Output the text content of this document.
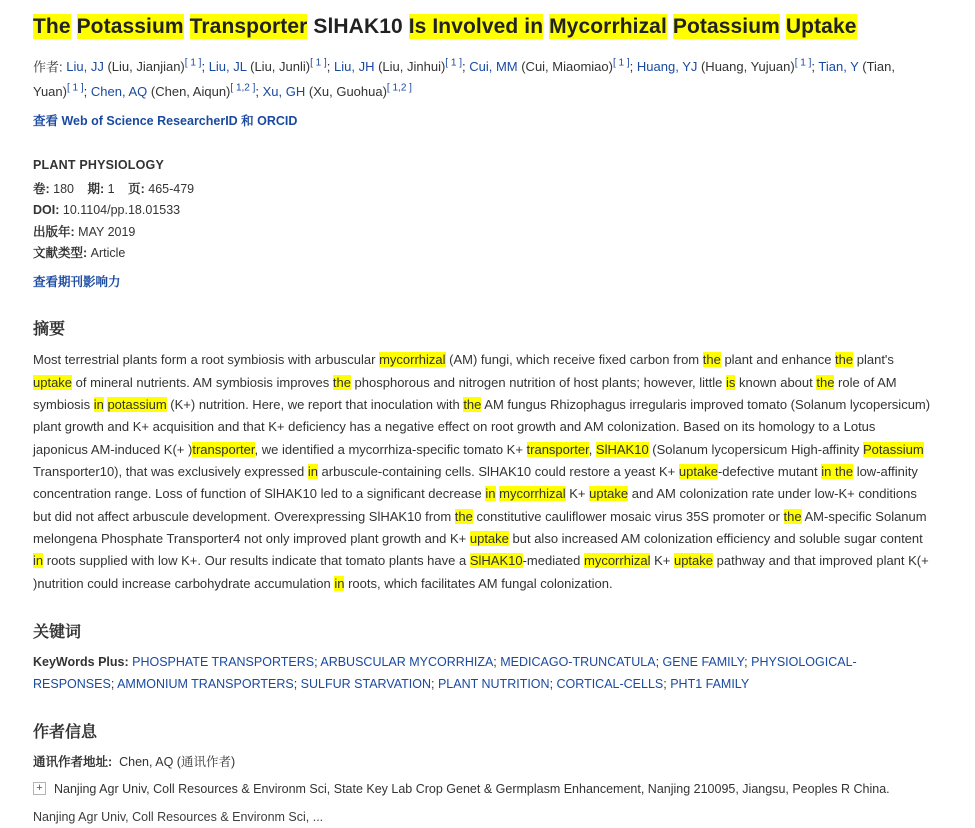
The Potassium Transporter SlHAK10 Is Involved in Mycorrhizal Potassium Uptake
作者: Liu, JJ (Liu, Jianjian)[ 1 ]; Liu, JL (Liu, Junli)[ 1 ]; Liu, JH (Liu, Jinhui)[ 1 ]; Cui, MM (Cui, Miaomiao)[ 1 ]; Huang, YJ (Huang, Yujuan)[ 1 ]; Tian, Y (Tian, Yuan)[ 1 ]; Chen, AQ (Chen, Aiqun)[ 1,2 ]; Xu, GH (Xu, Guohua)[ 1,2 ]
查看 Web of Science ResearcherID 和 ORCID
PLANT PHYSIOLOGY
卷: 180 期: 1 页: 465-479
DOI: 10.1104/pp.18.01533
出版年: MAY 2019
文献类型: Article
查看期刊影响力
摘要
Most terrestrial plants form a root symbiosis with arbuscular mycorrhizal (AM) fungi, which receive fixed carbon from the plant and enhance the plant's uptake of mineral nutrients. AM symbiosis improves the phosphorous and nitrogen nutrition of host plants; however, little is known about the role of AM symbiosis in potassium (K+) nutrition. Here, we report that inoculation with the AM fungus Rhizophagus irregularis improved tomato (Solanum lycopersicum) plant growth and K+ acquisition and that K+ deficiency has a negative effect on root growth and AM colonization. Based on its homology to a Lotus japonicus AM-induced K(+ )transporter, we identified a mycorrhiza-specific tomato K+ transporter, SlHAK10 (Solanum lycopersicum High-affinity Potassium Transporter10), that was exclusively expressed in arbuscule-containing cells. SlHAK10 could restore a yeast K+ uptake-defective mutant in the low-affinity concentration range. Loss of function of SlHAK10 led to a significant decrease in mycorrhizal K+ uptake and AM colonization rate under low-K+ conditions but did not affect arbuscule development. Overexpressing SlHAK10 from the constitutive cauliflower mosaic virus 35S promoter or the AM-specific Solanum melongena Phosphate Transporter4 not only improved plant growth and K+ uptake but also increased AM colonization efficiency and soluble sugar content in roots supplied with low K+. Our results indicate that tomato plants have a SlHAK10-mediated mycorrhizal K+ uptake pathway and that improved plant K(+ )nutrition could increase carbohydrate accumulation in roots, which facilitates AM fungal colonization.
关键词
KeyWords Plus: PHOSPHATE TRANSPORTERS; ARBUSCULAR MYCORRHIZA; MEDICAGO-TRUNCATULA; GENE FAMILY; PHYSIOLOGICAL-RESPONSES; AMMONIUM TRANSPORTERS; SULFUR STARVATION; PLANT NUTRITION; CORTICAL-CELLS; PHT1 FAMILY
作者信息
通讯作者地址: Chen, AQ (通讯作者)
+ Nanjing Agr Univ, Coll Resources & Environm Sci, State Key Lab Crop Genet & Germplasm Enhancement, Nanjing 210095, Jiangsu, Peoples R China.
Nanjing Agr Univ, Coll Resources & Environm Sci, ...
